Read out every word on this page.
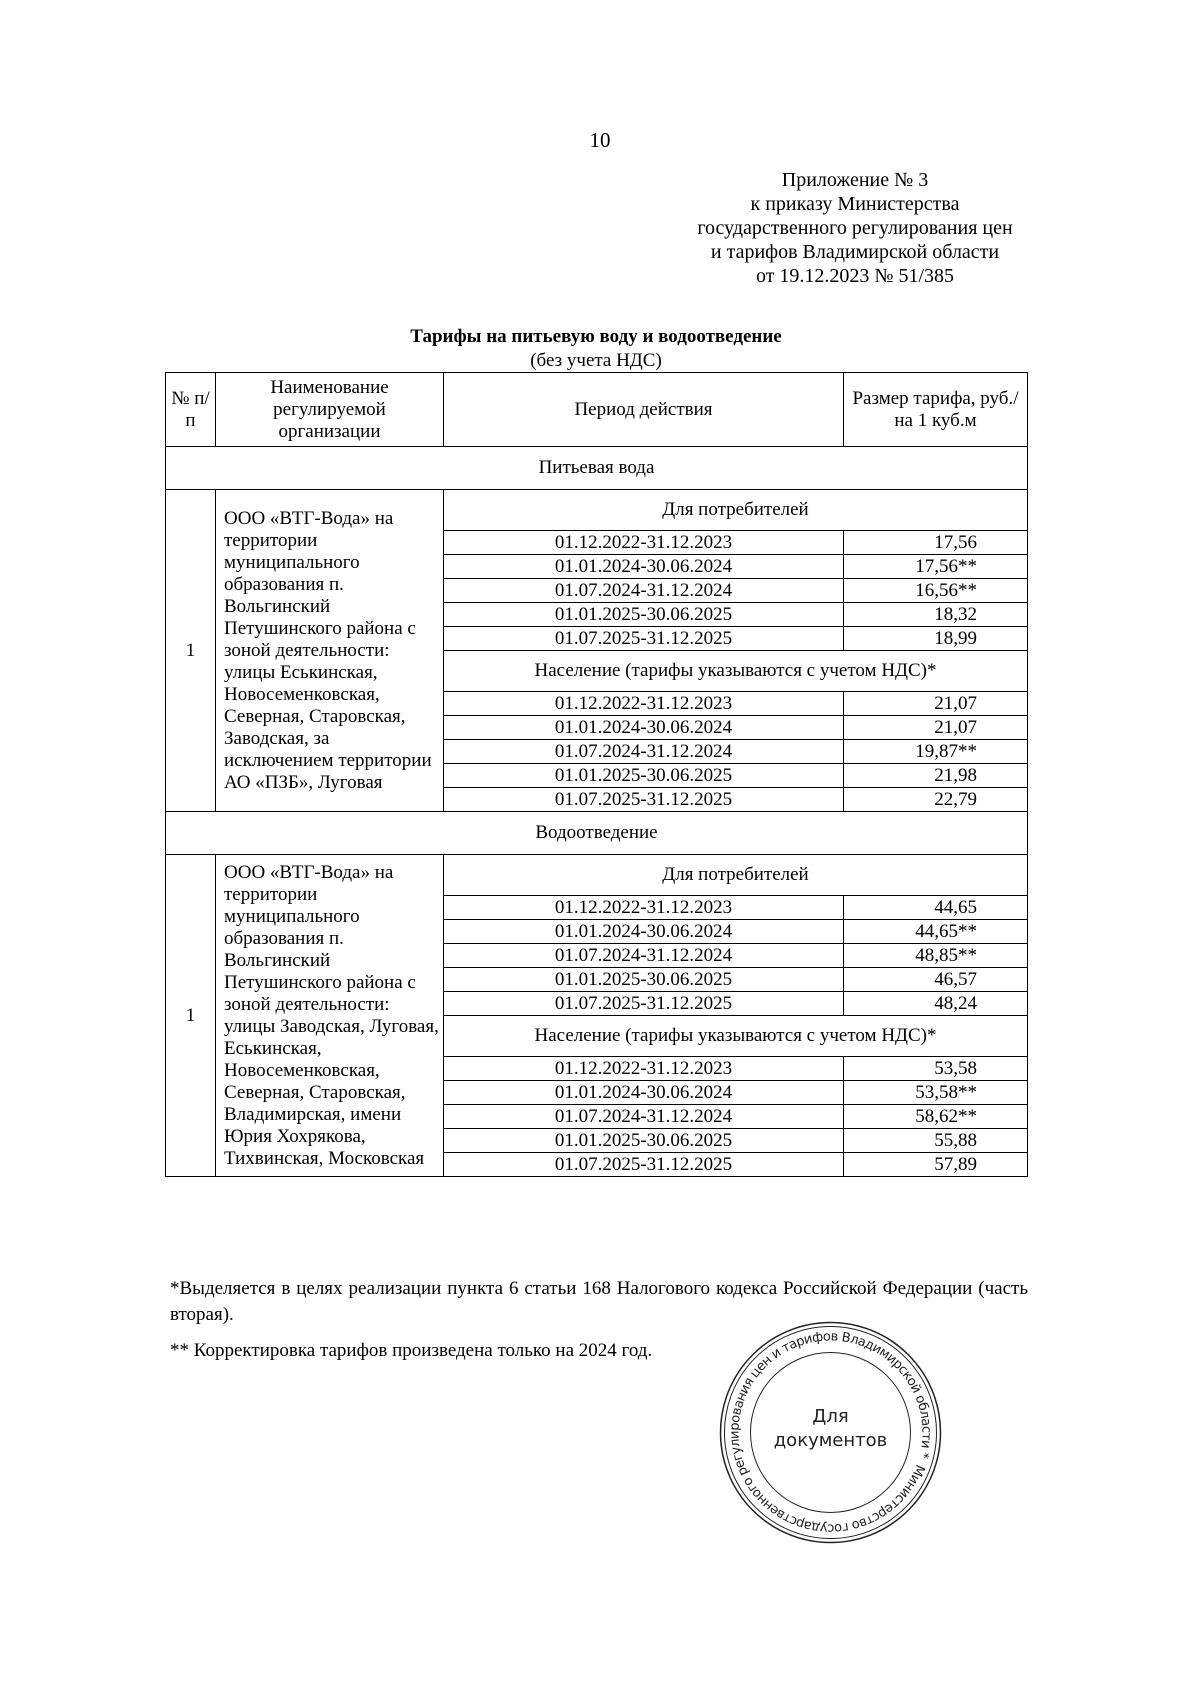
10
Приложение № 3
к приказу Министерства
государственного регулирования цен
и тарифов Владимирской области
от 19.12.2023 № 51/385
Тарифы на питьевую воду и водоотведение
(без учета НДС)
№ п/п	Наименование регулируемой организации	Период действия	Размер тарифа, руб./на 1 куб.м
Питьевая вода			
1	ООО «ВТГ-Вода» на территории муниципального образования п. Вольгинский Петушинского района с зоной деятельности: улицы Еськинская, Новосеменковская, Северная, Старовская, Заводская, за исключением территории АО «ПЗБ», Луговая	Для потребителей	
		01.12.2022-31.12.2023	17,56
		01.01.2024-30.06.2024	17,56**
		01.07.2024-31.12.2024	16,56**
		01.01.2025-30.06.2025	18,32
		01.07.2025-31.12.2025	18,99
		Население (тарифы указываются с учетом НДС)*	
		01.12.2022-31.12.2023	21,07
		01.01.2024-30.06.2024	21,07
		01.07.2024-31.12.2024	19,87**
		01.01.2025-30.06.2025	21,98
		01.07.2025-31.12.2025	22,79
Водоотведение			
1	ООО «ВТГ-Вода» на территории муниципального образования п. Вольгинский Петушинского района с зоной деятельности: улицы Заводская, Луговая, Еськинская, Новосеменковская, Северная, Старовская, Владимирская, имени Юрия Хохрякова, Тихвинская, Московская	Для потребителей	
		01.12.2022-31.12.2023	44,65
		01.01.2024-30.06.2024	44,65**
		01.07.2024-31.12.2024	48,85**
		01.01.2025-30.06.2025	46,57
		01.07.2025-31.12.2025	48,24
		Население (тарифы указываются с учетом НДС)*	
		01.12.2022-31.12.2023	53,58
		01.01.2024-30.06.2024	53,58**
		01.07.2024-31.12.2024	58,62**
		01.01.2025-30.06.2025	55,88
		01.07.2025-31.12.2025	57,89
*Выделяется в целях реализации пункта 6 статьи 168 Налогового кодекса Российской Федерации (часть вторая).
** Корректировка тарифов произведена только на 2024 год.
Министерство государственного регулирования цен и тарифов Владимирской области *
Для
документов
